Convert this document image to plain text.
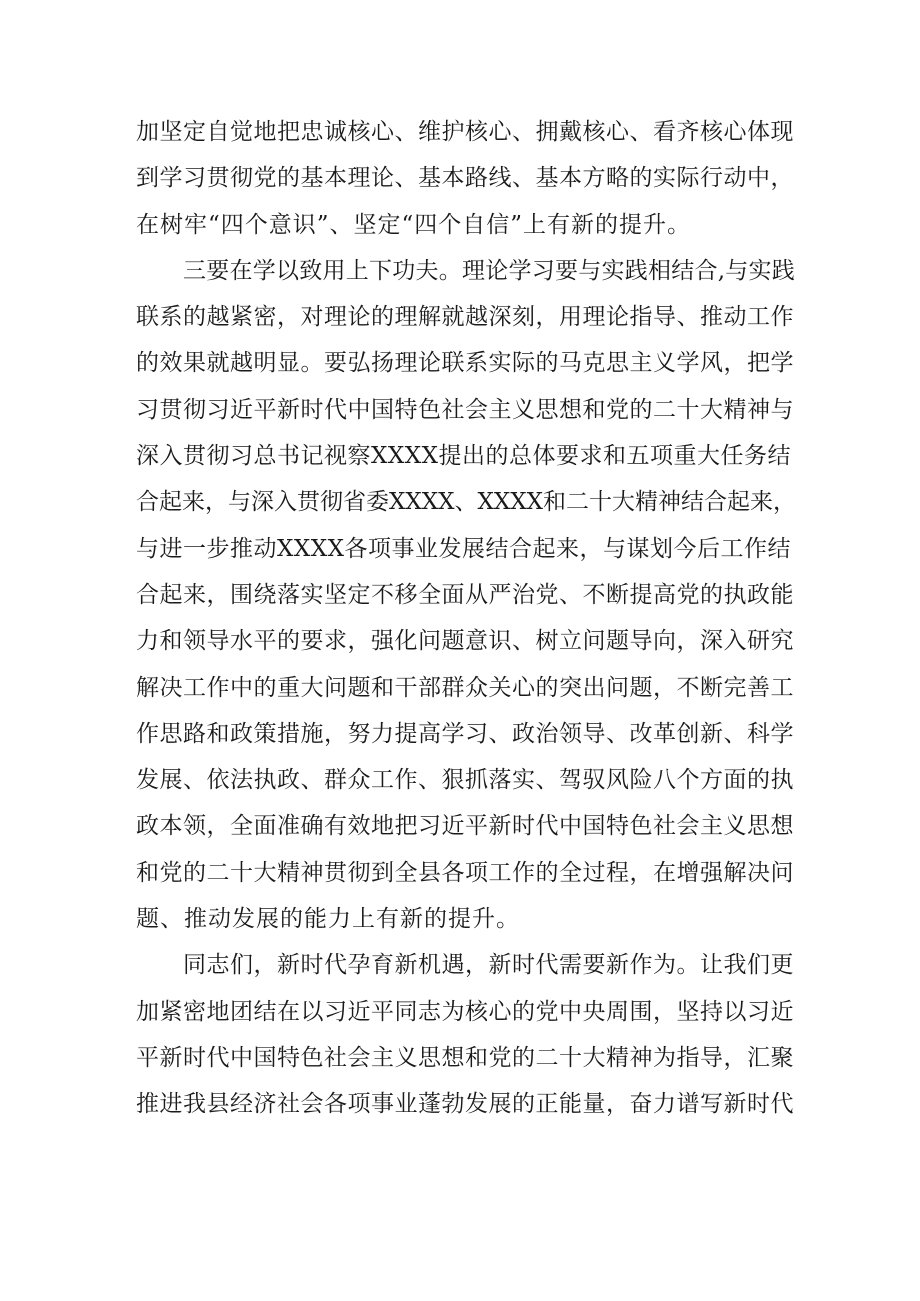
加坚定自觉地把忠诚核心、维护核心、拥戴核心、看齐核心体现
到学习贯彻党的基本理论、基本路线、基本方略的实际行动中，
在树牢“四个意识”、坚定“四个自信”上有新的提升。
三要在学以致用上下功夫。理论学习要与实践相结合,与实践
联系的越紧密，对理论的理解就越深刻，用理论指导、推动工作
的效果就越明显。要弘扬理论联系实际的马克思主义学风，把学
习贯彻习近平新时代中国特色社会主义思想和党的二十大精神与
深入贯彻习总书记视察XXXX提出的总体要求和五项重大任务结
合起来，与深入贯彻省委XXXX、XXXX和二十大精神结合起来，
与进一步推动XXXX各项事业发展结合起来，与谋划今后工作结
合起来，围绕落实坚定不移全面从严治党、不断提高党的执政能
力和领导水平的要求，强化问题意识、树立问题导向，深入研究
解决工作中的重大问题和干部群众关心的突出问题，不断完善工
作思路和政策措施，努力提高学习、政治领导、改革创新、科学
发展、依法执政、群众工作、狠抓落实、驾驭风险八个方面的执
政本领，全面准确有效地把习近平新时代中国特色社会主义思想
和党的二十大精神贯彻到全县各项工作的全过程，在增强解决问
题、推动发展的能力上有新的提升。
同志们，新时代孕育新机遇，新时代需要新作为。让我们更
加紧密地团结在以习近平同志为核心的党中央周围，坚持以习近
平新时代中国特色社会主义思想和党的二十大精神为指导，汇聚
推进我县经济社会各项事业蓬勃发展的正能量，奋力谱写新时代
